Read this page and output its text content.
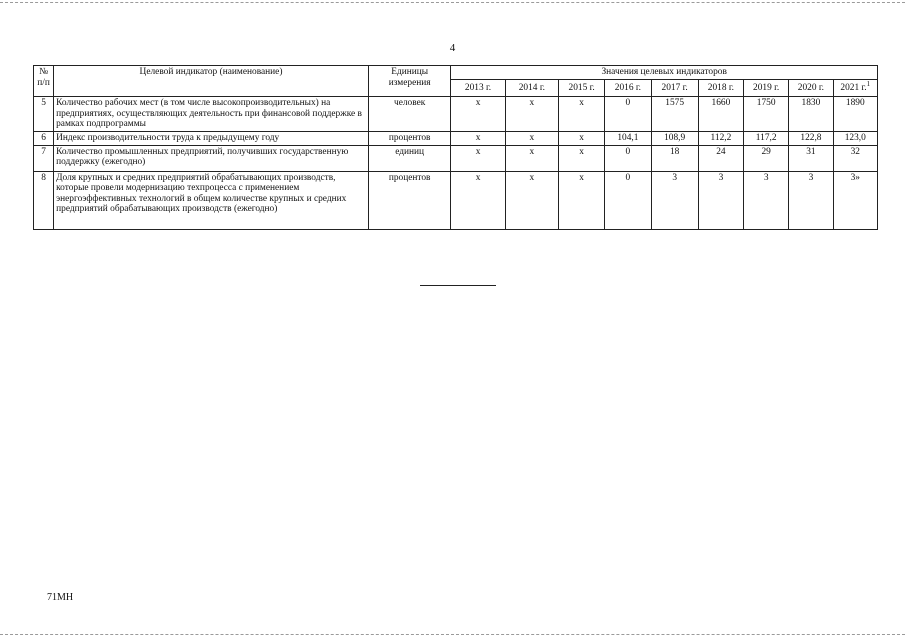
4
№ п/п	Целевой индикатор (наименование)	Единицы измерения	Значения целевых индикаторов								
			2013 г.	2014 г.	2015 г.	2016 г.	2017 г.	2018 г.	2019 г.	2020 г.	2021 г.$^1$
5	Количество рабочих мест (в том числе высокопроизводительных) на предприятиях, осуществляющих деятельность при финансовой поддержке в рамках подпрограммы	человек	x	x	x	0	1575	1660	1750	1830	1890
6	Индекс производительности труда к предыдущему году	процентов	x	x	x	104,1	108,9	112,2	117,2	122,8	123,0
7	Количество промышленных предприятий, получивших государственную поддержку (ежегодно)	единиц	x	x	x	0	18	24	29	31	32
8	Доля крупных и средних предприятий обрабатывающих производств, которые провели модернизацию техпроцесса с применением энергоэффективных технологий в общем количестве крупных и средних предприятий обрабатывающих производств (ежегодно)	процентов	x	x	x	0	3	3	3	3	3»
71МН
